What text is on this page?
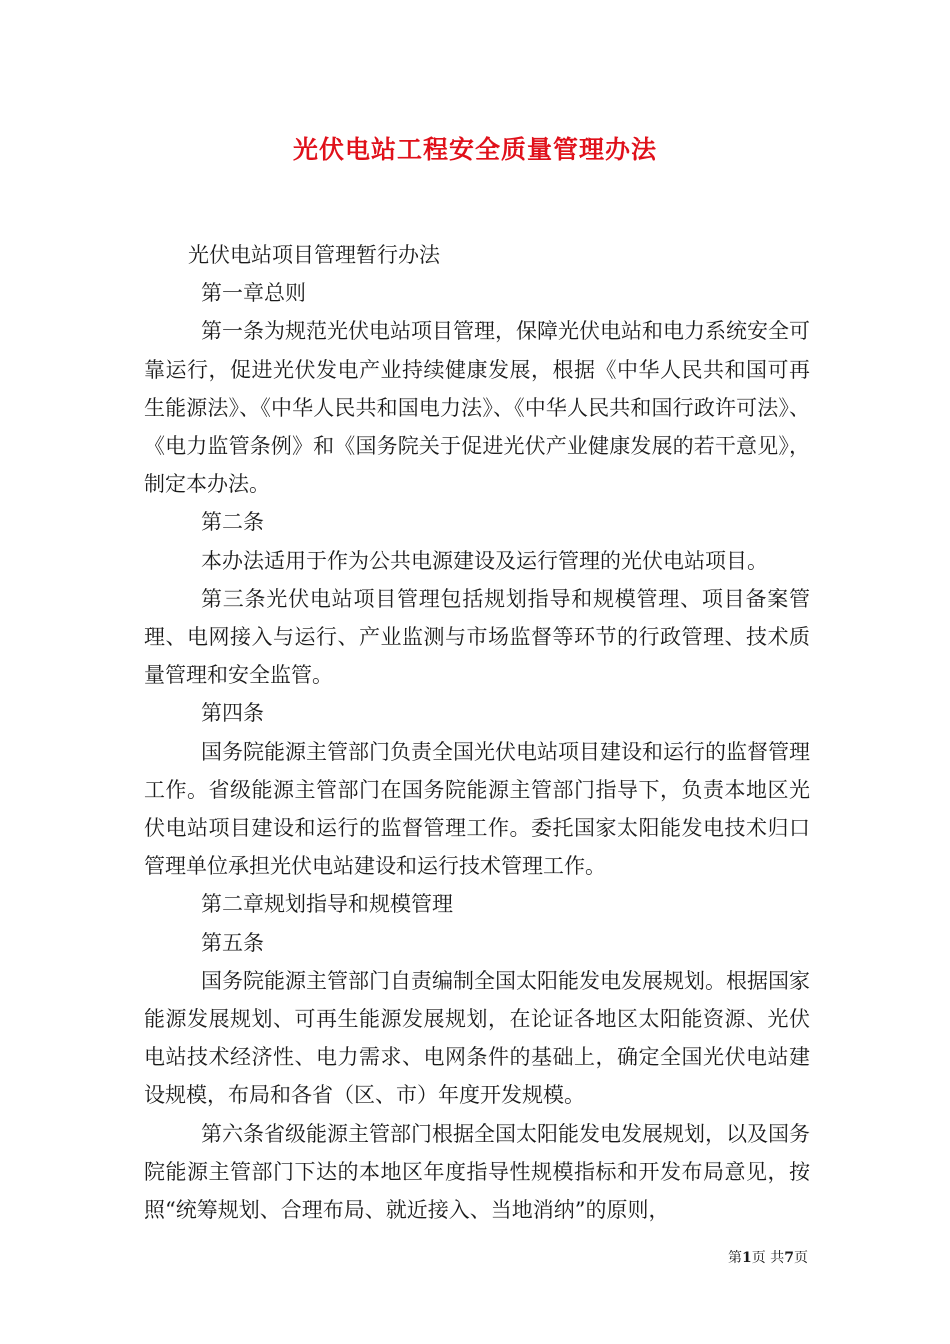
光伏电站工程安全质量管理办法

光伏电站项目管理暂行办法

第一章总则

第一条为规范光伏电站项目管理，保障光伏电站和电力系统安全可靠运行，促进光伏发电产业持续健康发展，根据《中华人民共和国可再生能源法》、《中华人民共和国电力法》、《中华人民共和国行政许可法》、《电力监管条例》和《国务院关于促进光伏产业健康发展的若干意见》，制定本办法。

第二条

本办法适用于作为公共电源建设及运行管理的光伏电站项目。

第三条光伏电站项目管理包括规划指导和规模管理、项目备案管理、电网接入与运行、产业监测与市场监督等环节的行政管理、技术质量管理和安全监管。

第四条

国务院能源主管部门负责全国光伏电站项目建设和运行的监督管理工作。省级能源主管部门在国务院能源主管部门指导下，负责本地区光伏电站项目建设和运行的监督管理工作。委托国家太阳能发电技术归口管理单位承担光伏电站建设和运行技术管理工作。

第二章规划指导和规模管理

第五条

国务院能源主管部门自责编制全国太阳能发电发展规划。根据国家能源发展规划、可再生能源发展规划，在论证各地区太阳能资源、光伏电站技术经济性、电力需求、电网条件的基础上，确定全国光伏电站建设规模，布局和各省（区、市）年度开发规模。

第六条省级能源主管部门根据全国太阳能发电发展规划，以及国务院能源主管部门下达的本地区年度指导性规模指标和开发布局意见，按照“统筹规划、合理布局、就近接入、当地消纳”的原则，

第1页 共7页
